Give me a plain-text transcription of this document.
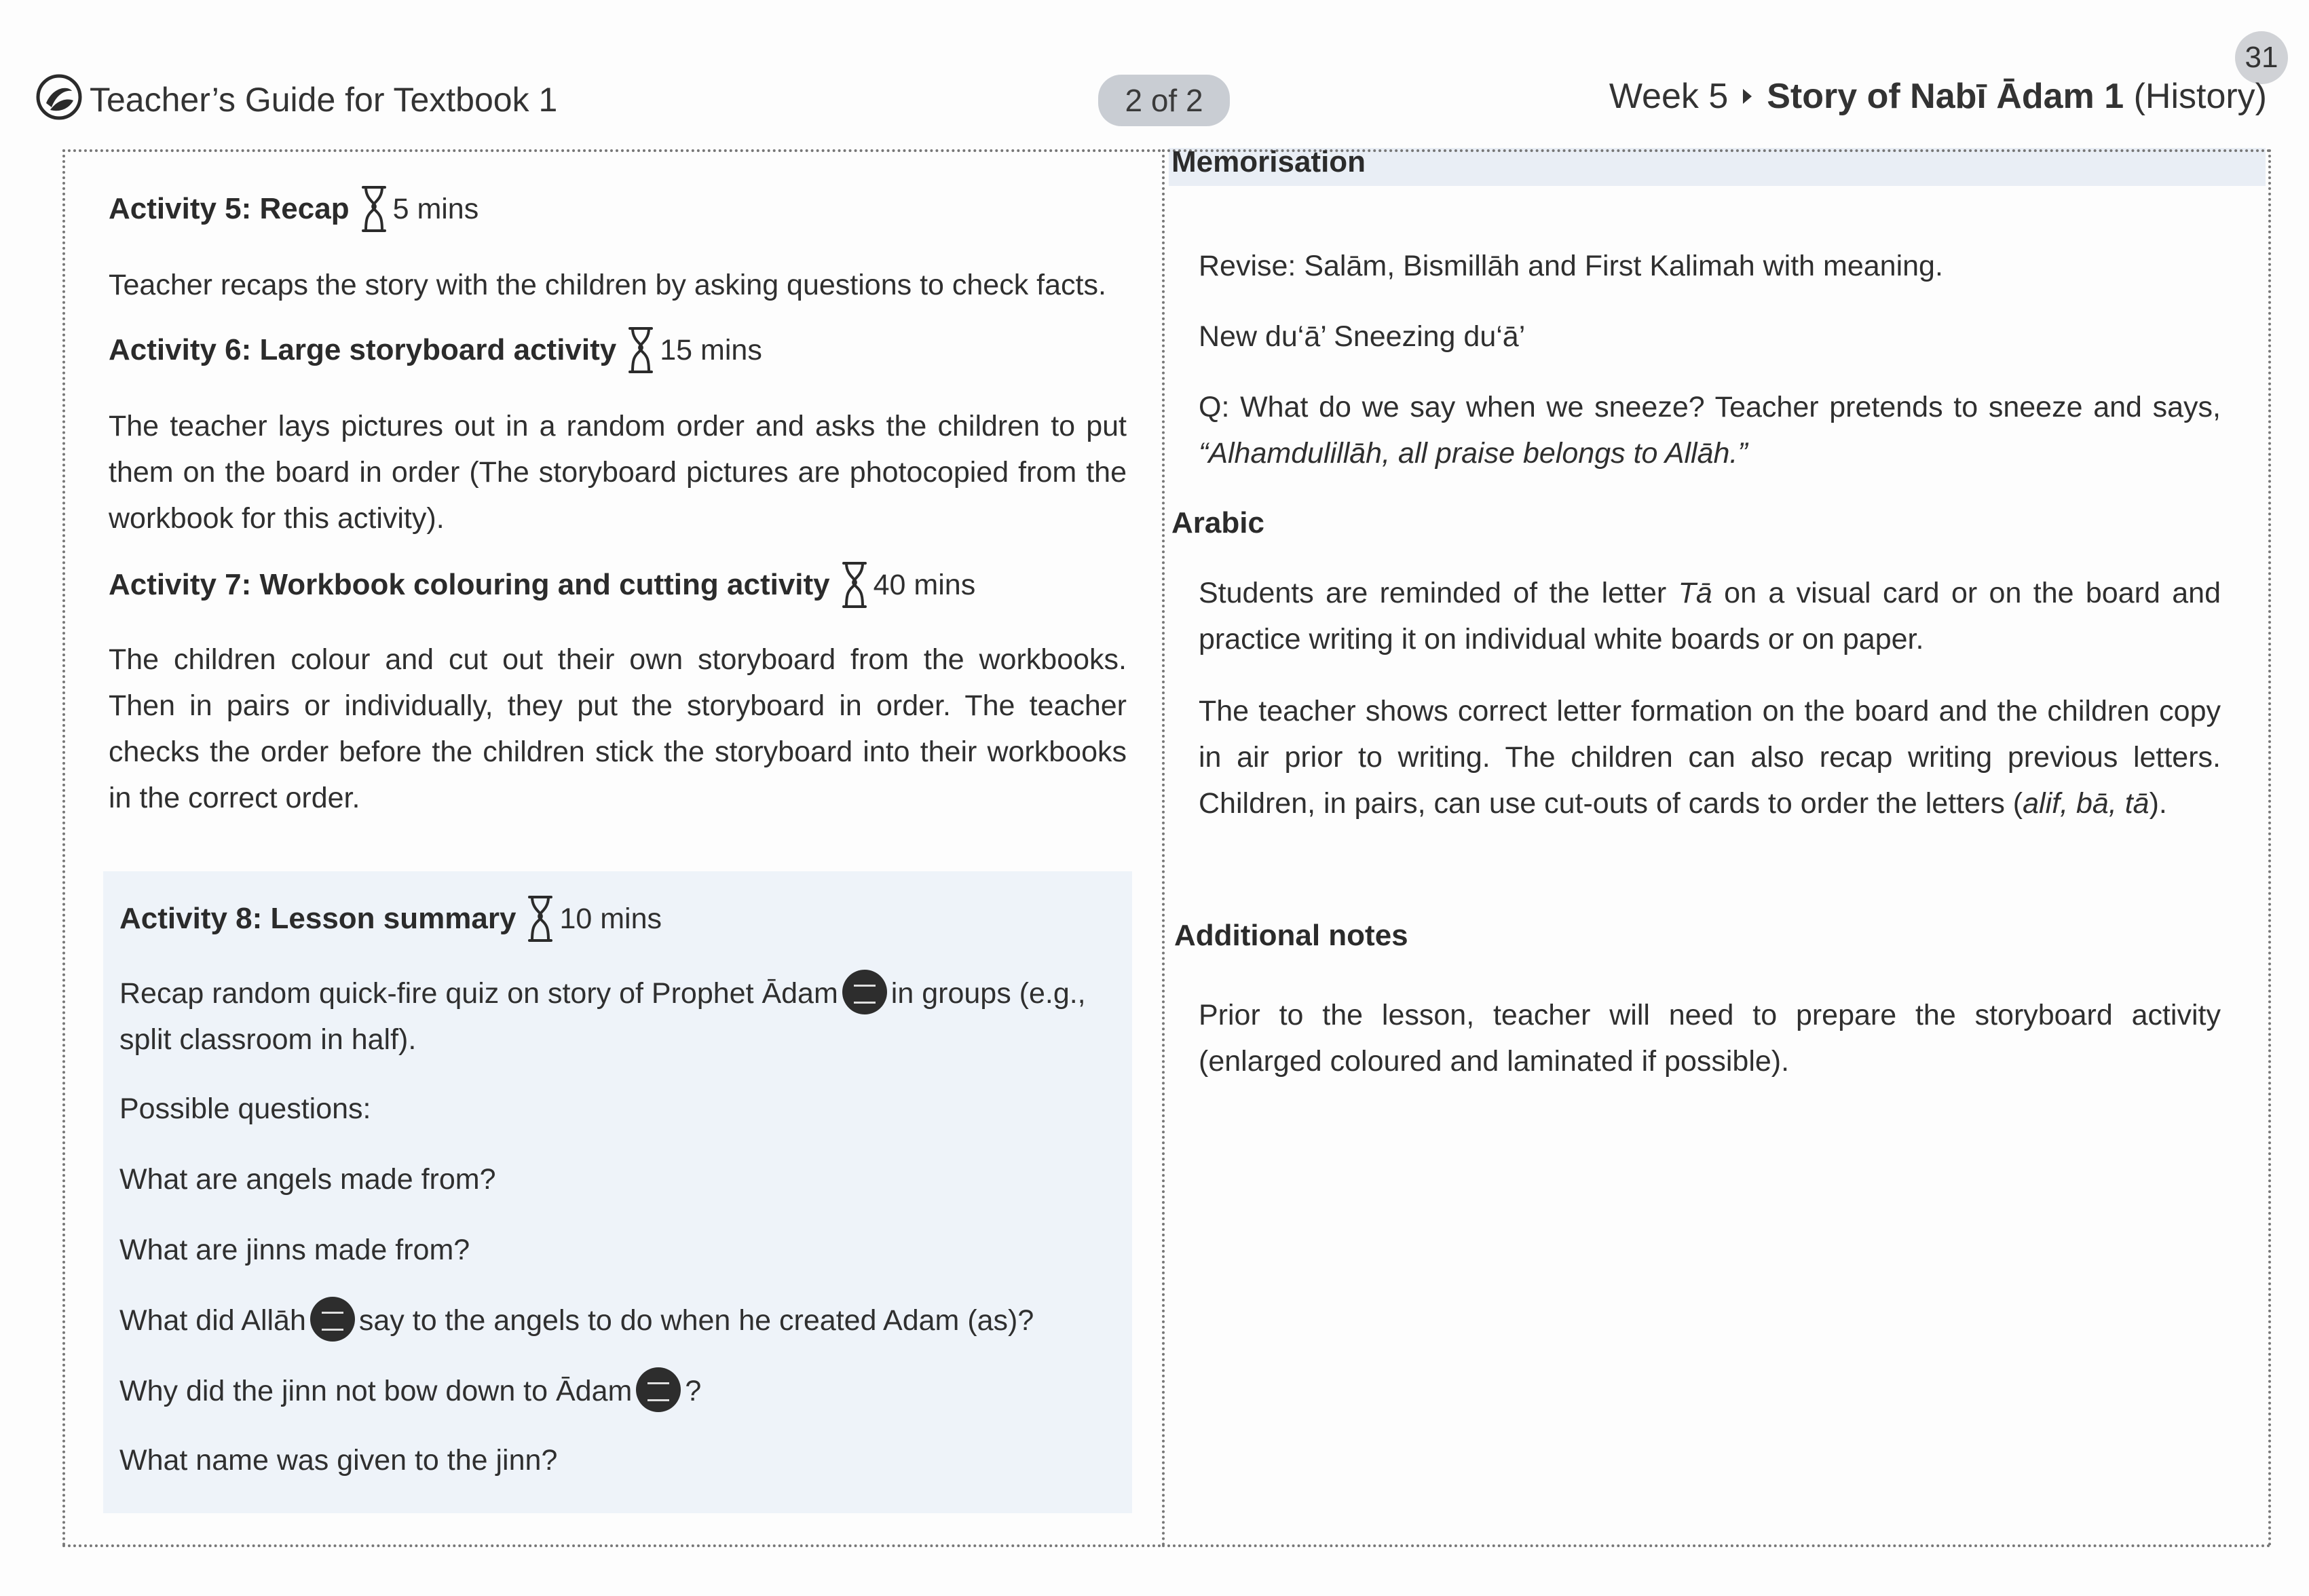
Teacher’s Guide for Textbook 1	2 of 2
31
Week 5 Story of Nabī Ādam 1 (History)
Activity 5: Recap 5 mins

Teacher recaps the story with the children by asking questions to check facts.

Activity 6: Large storyboard activity 15 mins

The teacher lays pictures out in a random order and asks the children to put them on the board in order (The storyboard pictures are photocopied from the workbook for this activity).

Activity 7: Workbook colouring and cutting activity 40 mins

The children colour and cut out their own storyboard from the workbooks. Then in pairs or individually, they put the storyboard in order. The teacher checks the order before the children stick the storyboard into their workbooks in the correct order.

Activity 8: Lesson summary 10 mins

Recap random quick-fire quiz on story of Prophet Ādam in groups (e.g., split classroom in half).

Possible questions:

What are angels made from?

What are jinns made from?

What did Allāh say to the angels to do when he created Adam (as)?

Why did the jinn not bow down to Ādam ?

What name was given to the jinn?

Memorisation

Revise: Salām, Bismillāh and First Kalimah with meaning.

New du‘ā’ Sneezing du‘ā’

Q: What do we say when we sneeze? Teacher pretends to sneeze and says, “Alhamdulillāh, all praise belongs to Allāh.”

Arabic

Students are reminded of the letter Tā on a visual card or on the board and practice writing it on individual white boards or on paper.

The teacher shows correct letter formation on the board and the children copy in air prior to writing. The children can also recap writing previous letters. Children, in pairs, can use cut-outs of cards to order the letters (alif, bā, tā).

Additional notes

Prior to the lesson, teacher will need to prepare the storyboard activity (enlarged coloured and laminated if possible).
